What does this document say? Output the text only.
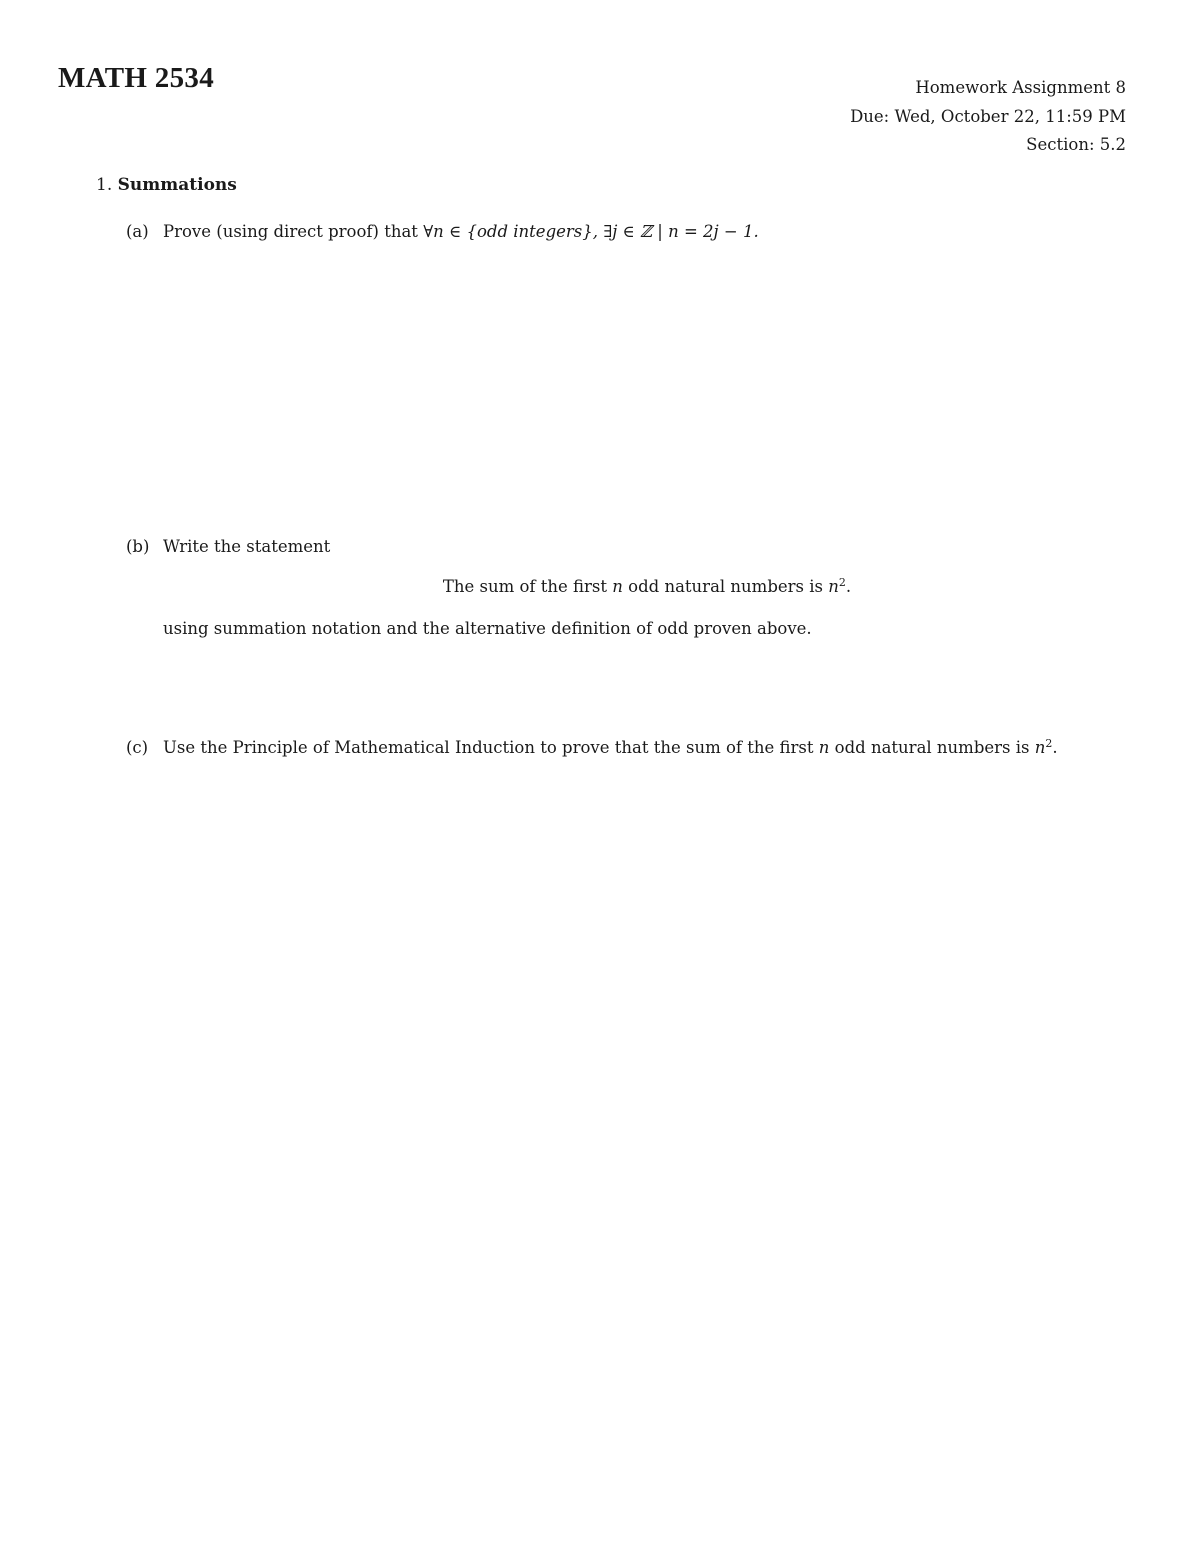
MATH 2534	Homework Assignment 8
Due: Wed, October 22, 11:59 PM
Section: 5.2
1. Summations
(a) Prove (using direct proof) that ∀n ∈ {odd integers}, ∃j ∈ ℤ | n = 2j − 1.
(b) Write the statement
The sum of the first n odd natural numbers is $n^2$.
using summation notation and the alternative definition of odd proven above.
(c) Use the Principle of Mathematical Induction to prove that the sum of the first n odd natural numbers is $n^2$.
